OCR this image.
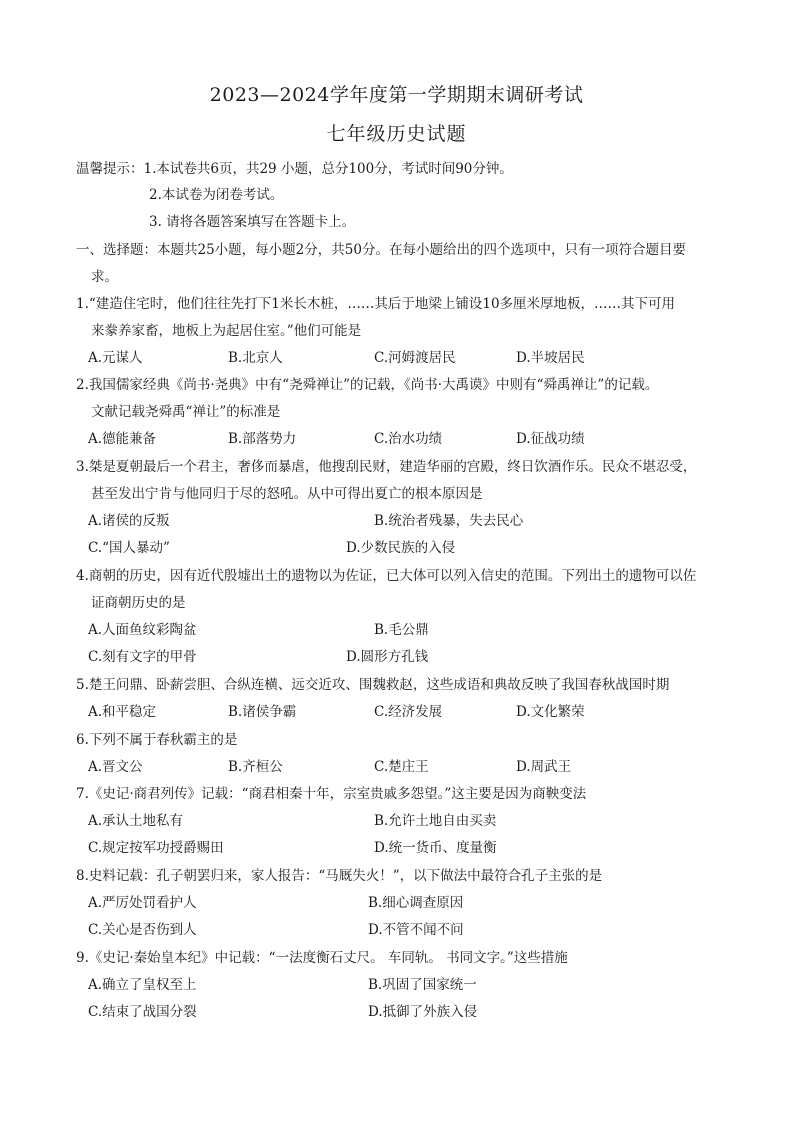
2023—2024学年度第一学期期末调研考试
七年级历史试题
温馨提示：1.本试卷共6页，共29 小题，总分100分，考试时间90分钟。
2.本试卷为闭卷考试。
3. 请将各题答案填写在答题卡上。
一、选择题：本题共25小题，每小题2分，共50分。在每小题给出的四个选项中，只有一项符合题目要
求。
1.“建造住宅时，他们往往先打下1米长木桩，……其后于地梁上铺设10多厘米厚地板，……其下可用
来豢养家畜，地板上为起居住室。”他们可能是
A.元谋人	B.北京人	C.河姆渡居民	D.半坡居民
2.我国儒家经典《尚书·尧典》中有“尧舜禅让”的记载，《尚书·大禹谟》中则有“舜禹禅让”的记载。
文献记载尧舜禹“禅让”的标准是
A.德能兼备	B.部落势力	C.治水功绩	D.征战功绩
3.桀是夏朝最后一个君主，奢侈而暴虐，他搜刮民财，建造华丽的宫殿，终日饮酒作乐。民众不堪忍受，
甚至发出宁肯与他同归于尽的怒吼。从中可得出夏亡的根本原因是
A.诸侯的反叛	B.统治者残暴，失去民心
C.“国人暴动”	D.少数民族的入侵
4.商朝的历史，因有近代殷墟出土的遗物以为佐证，已大体可以列入信史的范围。下列出土的遗物可以佐
证商朝历史的是
A.人面鱼纹彩陶盆	B.毛公鼎
C.刻有文字的甲骨	D.圆形方孔钱
5.楚王问鼎、卧薪尝胆、合纵连横、远交近攻、围魏救赵，这些成语和典故反映了我国春秋战国时期
A.和平稳定	B.诸侯争霸	C.经济发展	D.文化繁荣
6.下列不属于春秋霸主的是
A.晋文公	B.齐桓公	C.楚庄王	D.周武王
7.《史记·商君列传》记载：“商君相秦十年，宗室贵戚多怨望。”这主要是因为商鞅变法
A.承认土地私有	B.允许土地自由买卖
C.规定按军功授爵赐田	D.统一货币、度量衡
8.史料记载：孔子朝罢归来，家人报告：“马厩失火！”，以下做法中最符合孔子主张的是
A.严厉处罚看护人	B.细心调查原因
C.关心是否伤到人	D.不管不闻不问
9.《史记·秦始皇本纪》中记载：“一法度衡石丈尺。 车同轨。 书同文字。”这些措施
A.确立了皇权至上	B.巩固了国家统一
C.结束了战国分裂	D.抵御了外族入侵
